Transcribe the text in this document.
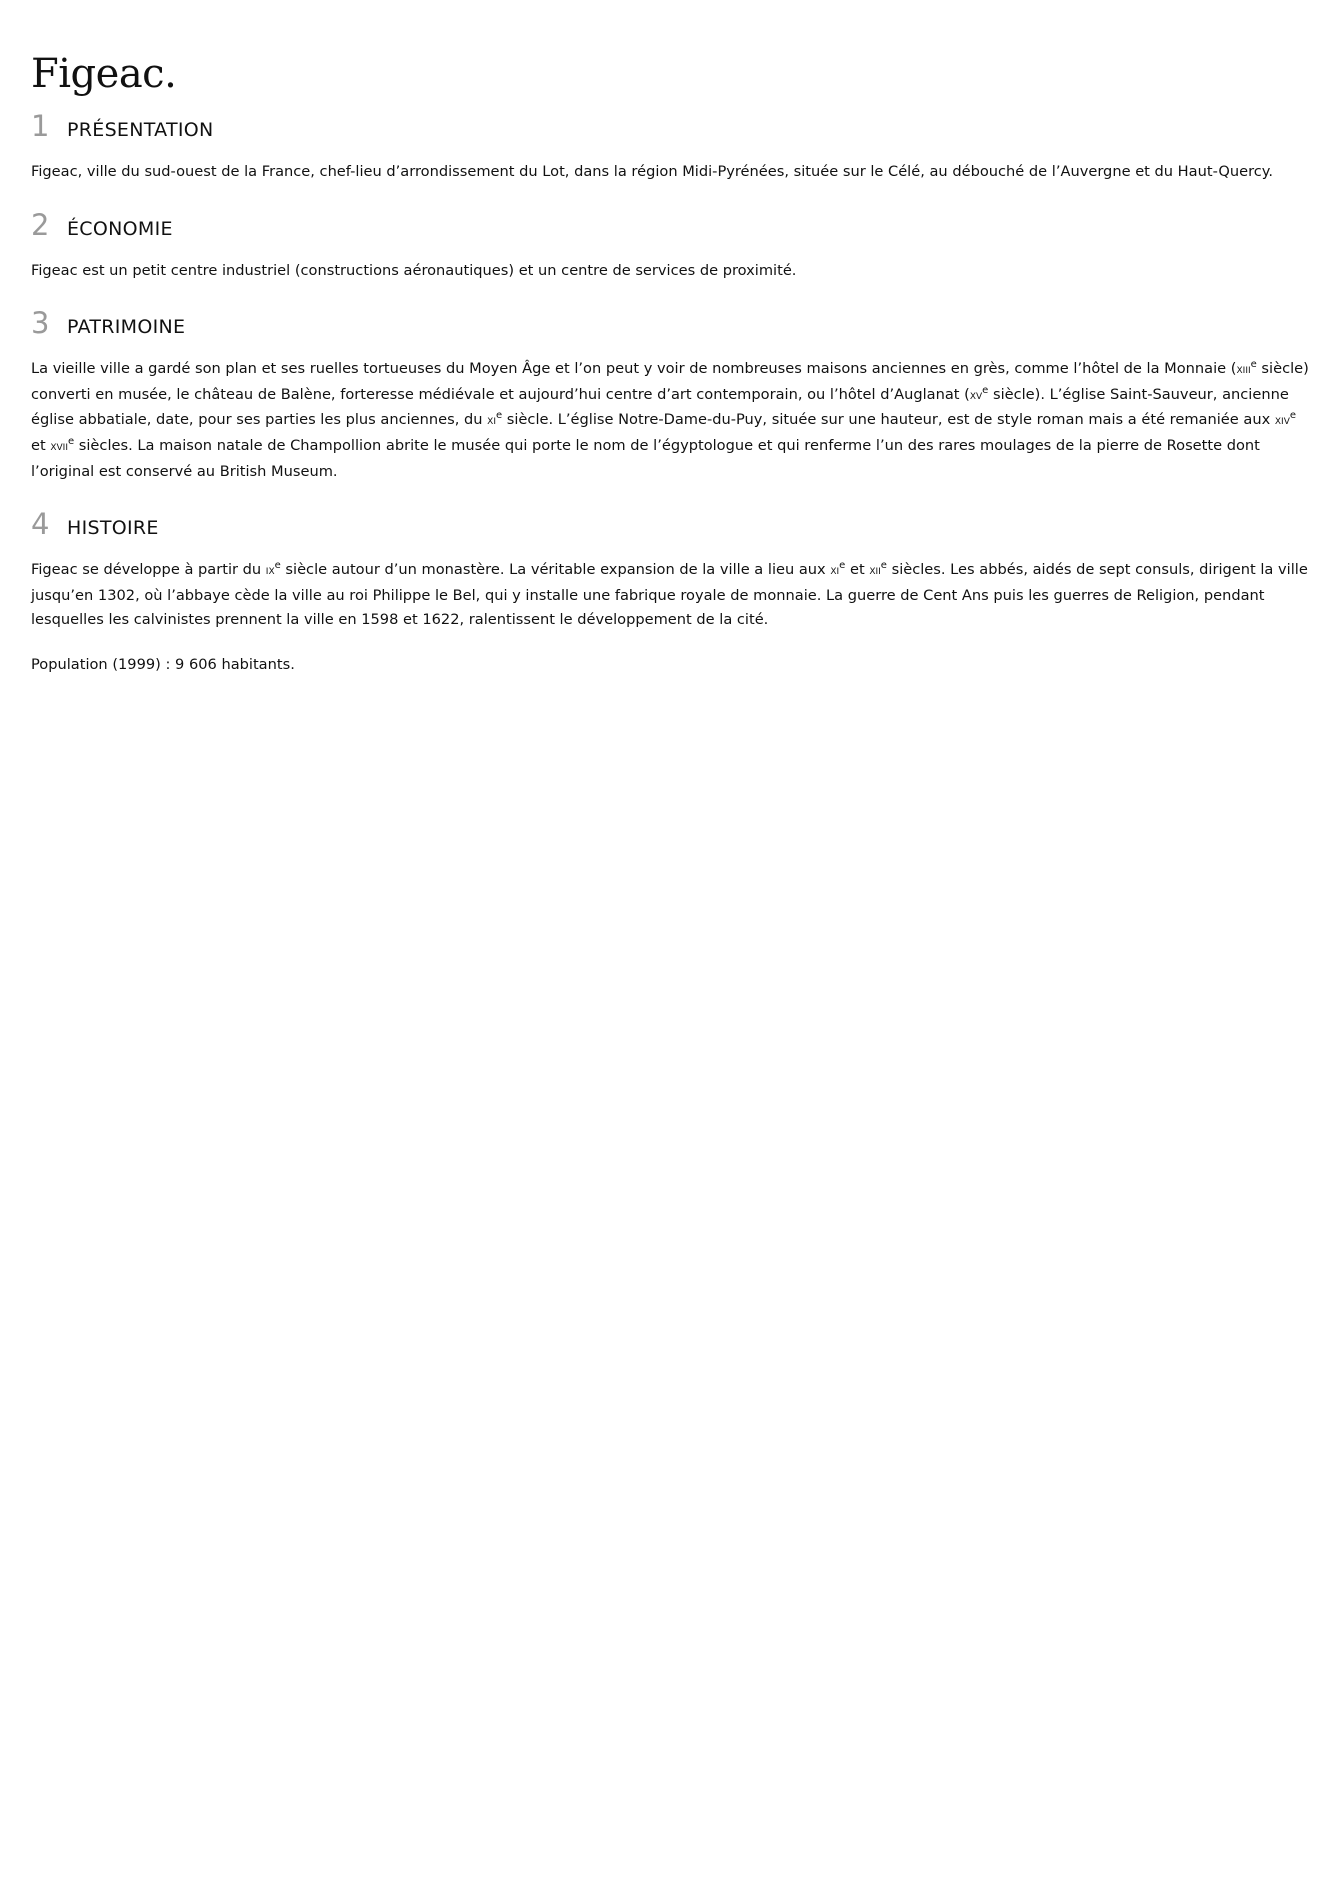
Figeac.
1 PRÉSENTATION

Figeac, ville du sud-ouest de la France, chef-lieu d’arrondissement du Lot, dans la région Midi-Pyrénées, située sur le Célé, au débouché de l’Auvergne et du Haut-Quercy.

2 ÉCONOMIE

Figeac est un petit centre industriel (constructions aéronautiques) et un centre de services de proximité.

3 PATRIMOINE

La vieille ville a gardé son plan et ses ruelles tortueuses du Moyen Âge et l’on peut y voir de nombreuses maisons anciennes en grès, comme l’hôtel de la Monnaie (xiii$^e$ siècle) converti en musée, le château de Balène, forteresse médiévale et aujourd’hui centre d’art contemporain, ou l’hôtel d’Auglanat ($xv^e$ siècle). L’église Saint-Sauveur, ancienne église abbatiale, date, pour ses parties les plus anciennes, du $xi^e$ siècle. L’église Notre-Dame-du-Puy, située sur une hauteur, est de style roman mais a été remaniée aux xiv$^e$ et xvii$^e$ siècles. La maison natale de Champollion abrite le musée qui porte le nom de l’égyptologue et qui renferme l’un des rares moulages de la pierre de Rosette dont l’original est conservé au British Museum.

4 HISTOIRE

Figeac se développe à partir du $ix^e$ siècle autour d’un monastère. La véritable expansion de la ville a lieu aux $xi^e$ et xii$^e$ siècles. Les abbés, aidés de sept consuls, dirigent la ville jusqu’en 1302, où l’abbaye cède la ville au roi Philippe le Bel, qui y installe une fabrique royale de monnaie. La guerre de Cent Ans puis les guerres de Religion, pendant lesquelles les calvinistes prennent la ville en 1598 et 1622, ralentissent le développement de la cité.

Population (1999) : 9 606 habitants.
